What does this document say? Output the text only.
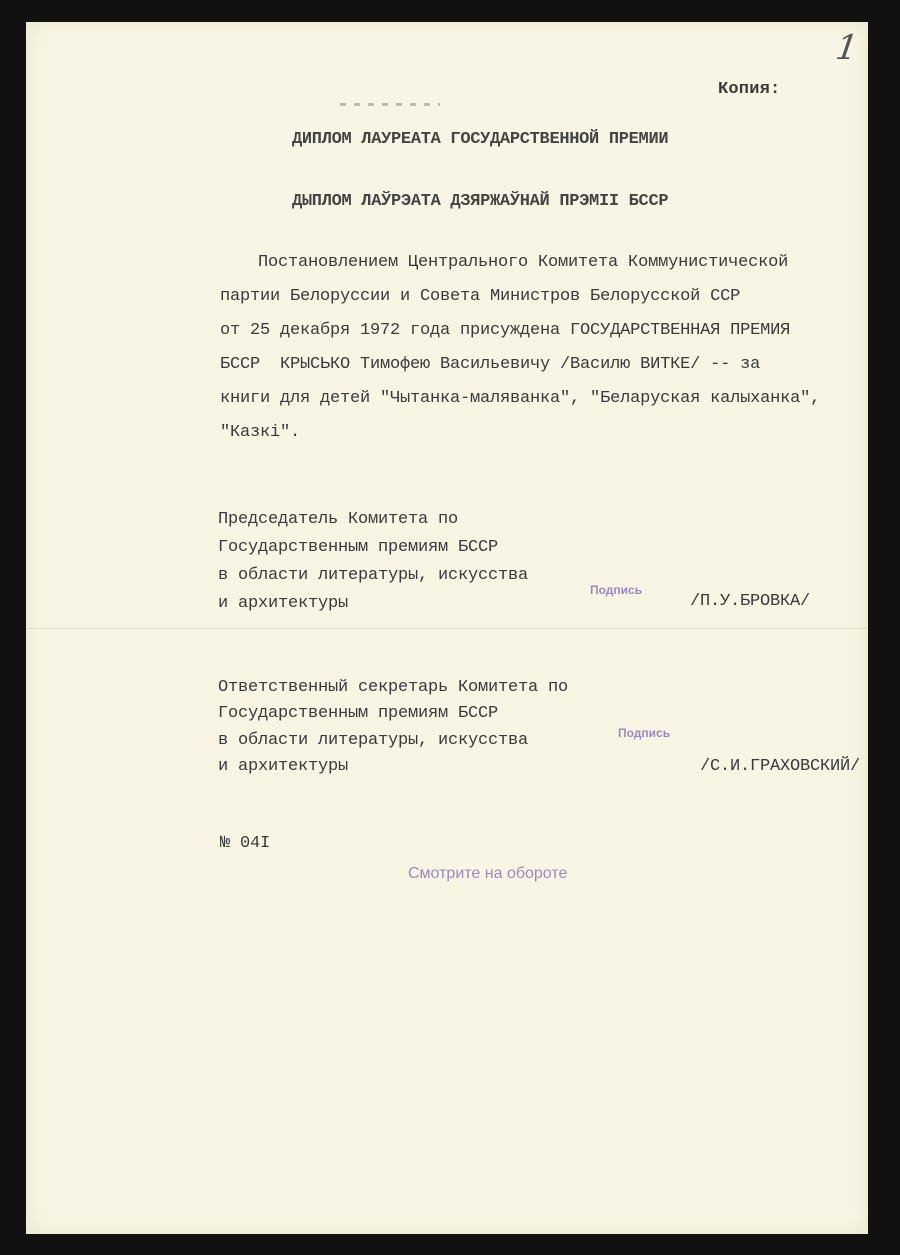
1
Копия:
ДИПЛОМ ЛАУРЕАТА ГОСУДАРСТВЕННОЙ ПРЕМИИ
ДЫПЛОМ ЛАЎРЭАТА ДЗЯРЖАЎНАЙ ПРЭМІІ БССР
Постановлением Центрального Комитета Коммунистической
партии Белоруссии и Совета Министров Белорусской ССР
от 25 декабря 1972 года присуждена ГОСУДАРСТВЕННАЯ ПРЕМИЯ
БССР  КРЫСЬКО Тимофею Васильевичу /Василю ВИТКЕ/ -- за
книги для детей "Чытанка-маляванка", "Беларуская калыханка",
"Казкі".
Председатель Комитета по
Государственным премиям БССР
в области литературы, искусства
и архитектуры
Подпись
/П.У.БРОВКА/
Ответственный секретарь Комитета по
Государственным премиям БССР
в области литературы, искусства
и архитектуры
Подпись
/С.И.ГРАХОВСКИЙ/
№ 04I
Смотрите на обороте
